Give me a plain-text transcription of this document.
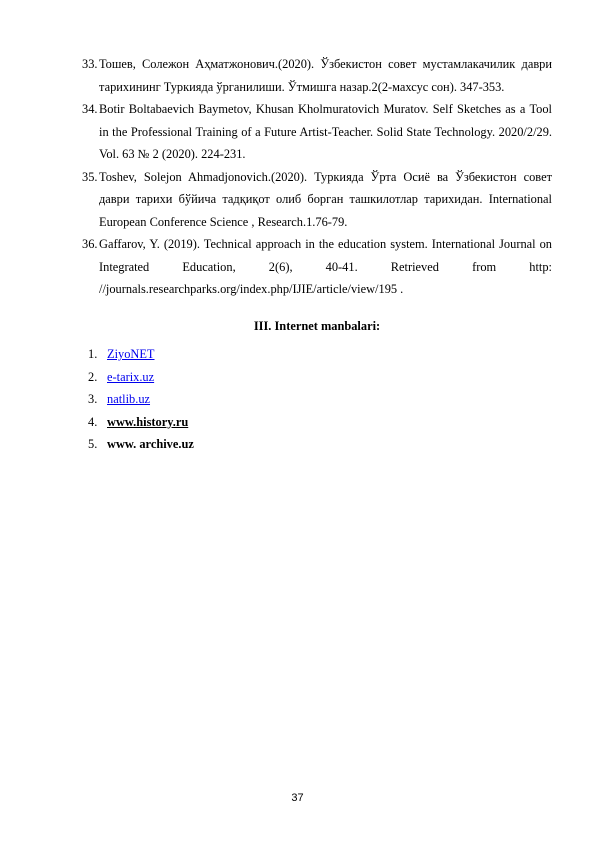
33. Тошев, Солежон Аҳматжонович.(2020). Ўзбекистон совет мустамлакачилик даври тарихининг Туркияда ўрганилиши. Ўтмишга назар.2(2-махсус сон). 347-353.
34. Botir Boltabaevich Baymetov, Khusan Kholmuratovich Muratov. Self Sketches as a Tool in the Professional Training of a Future Artist-Teacher. Solid State Technology. 2020/2/29. Vol. 63 № 2 (2020). 224-231.
35. Toshev, Solejon Ahmadjonovich.(2020). Туркияда Ўрта Осиё ва Ўзбекистон совет даври тарихи бўйича тадқиқот олиб борган ташкилотлар тарихидан. International European Conference Science , Research.1.76-79.
36. Gaffarov, Y. (2019). Technical approach in the education system. International Journal on Integrated Education, 2(6), 40-41. Retrieved from http: //journals.researchparks.org/index.php/IJIE/article/view/195 .
III. Internet manbalari:
1. ZiyoNET
2. e-tarix.uz
3. natlib.uz
4. www.history.ru
5. www. archive.uz
37
